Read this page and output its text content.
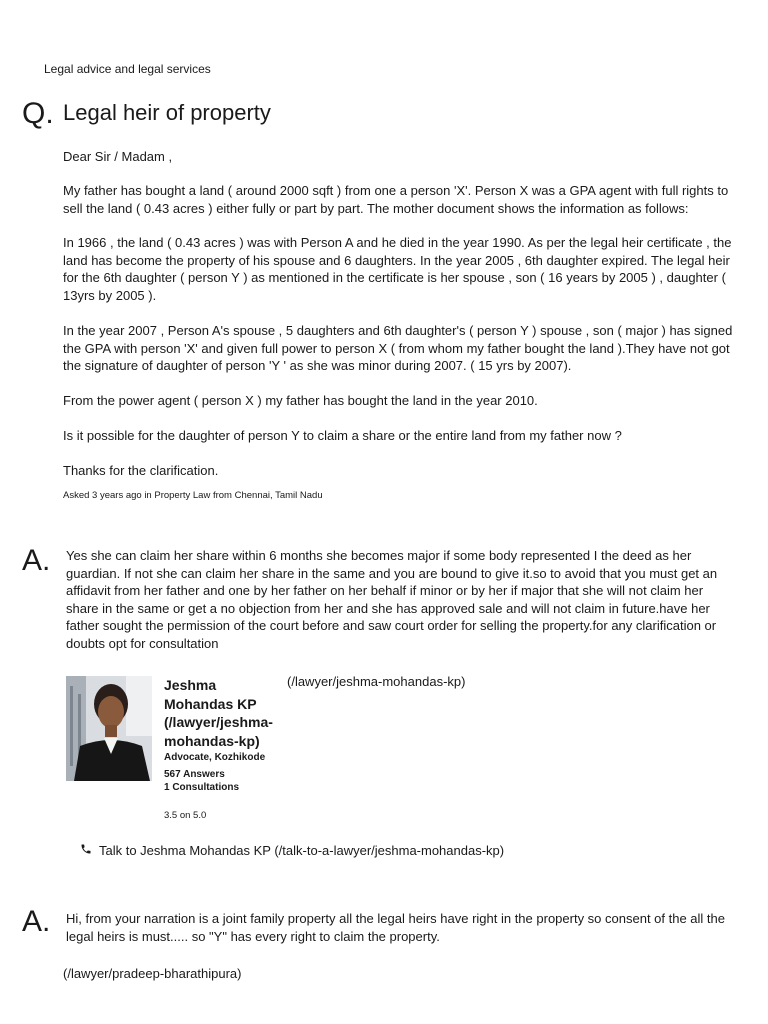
Legal advice and legal services
Q. Legal heir of property

Dear Sir / Madam ,

My father has bought a land ( around 2000 sqft ) from one a person 'X'. Person X was a GPA agent with full rights to sell the land ( 0.43 acres ) either fully or part by part. The mother document shows the information as follows:

In 1966 , the land ( 0.43 acres ) was with Person A and he died in the year 1990. As per the legal heir certificate , the land has become the property of his spouse and 6 daughters. In the year 2005 , 6th daughter expired. The legal heir for the 6th daughter ( person Y ) as mentioned in the certificate is her spouse , son ( 16 years by 2005 ) , daughter ( 13yrs by 2005 ).

In the year 2007 , Person A's spouse , 5 daughters and 6th daughter's ( person Y ) spouse , son ( major ) has signed the GPA with person 'X' and given full power to person X ( from whom my father bought the land ).They have not got the signature of daughter of person 'Y ' as she was minor during 2007. ( 15 yrs by 2007).

From the power agent ( person X ) my father has bought the land in the year 2010.

Is it possible for the daughter of person Y to claim a share or the entire land from my father now ?

Thanks for the clarification.

Asked 3 years ago in Property Law from Chennai, Tamil Nadu
A. Yes she can claim her share within 6 months she becomes major if some body represented I the deed as her guardian. If not she can claim her share in the same and you are bound to give it.so to avoid that you must get an affidavit from her father and one by her father on her behalf if minor or by her if major that she will not claim her share in the same or get a no objection from her and she has approved sale and will not claim in future.have her father sought the permission of the court before and saw court order for selling the property.for any clarification or doubts opt for consultation

Jeshma Mohandas KP (/lawyer/jeshma-mohandas-kp)
(/lawyer/jeshma-mohandas-kp)
Advocate, Kozhikode
567 Answers
1 Consultations
3.5 on 5.0
Talk to Jeshma Mohandas KP (/talk-to-a-lawyer/jeshma-mohandas-kp)
A. Hi, from your narration is a joint family property all the legal heirs have right in the property so consent of the all the legal heirs is must..... so "Y" has every right to claim the property.

(/lawyer/pradeep-bharathipura)
